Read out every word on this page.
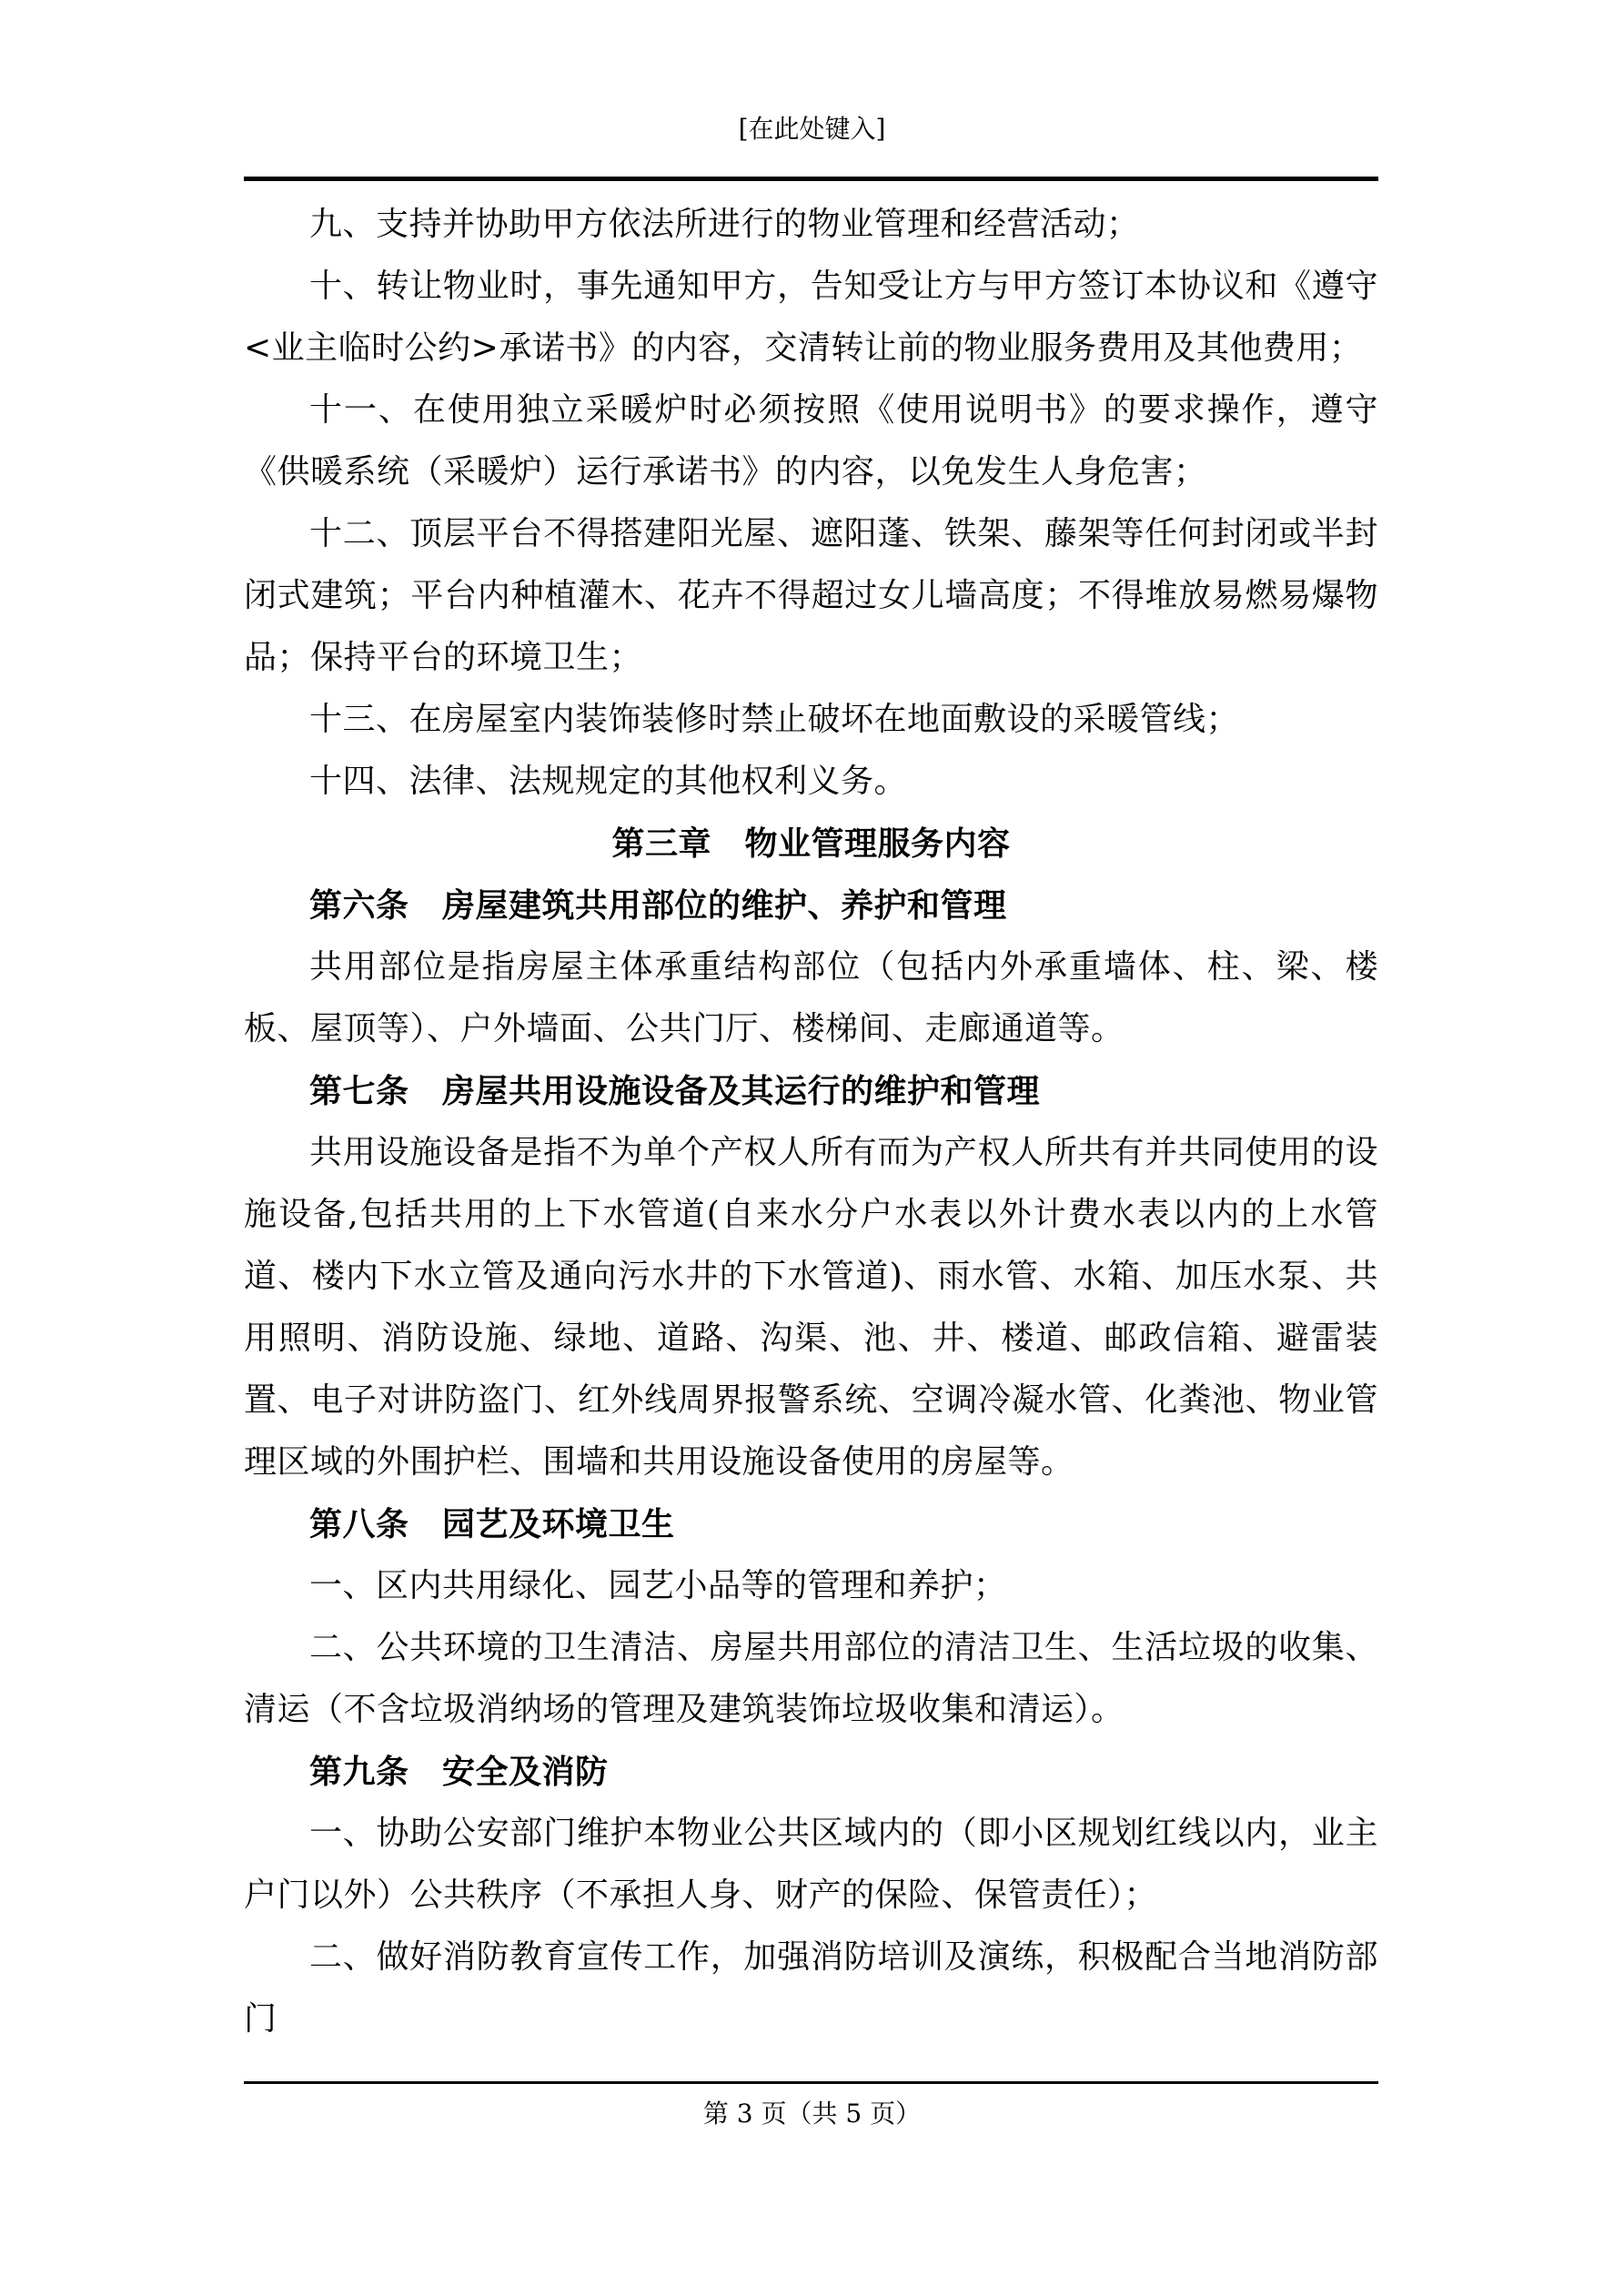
[在此处键入]

九、支持并协助甲方依法所进行的物业管理和经营活动；

十、转让物业时，事先通知甲方，告知受让方与甲方签订本协议和《遵守<业主临时公约>承诺书》的内容，交清转让前的物业服务费用及其他费用；

十一、在使用独立采暖炉时必须按照《使用说明书》的要求操作，遵守《供暖系统（采暖炉）运行承诺书》的内容，以免发生人身危害；

十二、顶层平台不得搭建阳光屋、遮阳蓬、铁架、藤架等任何封闭或半封闭式建筑；平台内种植灌木、花卉不得超过女儿墙高度；不得堆放易燃易爆物品；保持平台的环境卫生；

十三、在房屋室内装饰装修时禁止破坏在地面敷设的采暖管线；

十四、法律、法规规定的其他权利义务。

第三章　物业管理服务内容

第六条　房屋建筑共用部位的维护、养护和管理

共用部位是指房屋主体承重结构部位（包括内外承重墙体、柱、梁、楼板、屋顶等）、户外墙面、公共门厅、楼梯间、走廊通道等。

第七条　房屋共用设施设备及其运行的维护和管理

共用设施设备是指不为单个产权人所有而为产权人所共有并共同使用的设施设备,包括共用的上下水管道(自来水分户水表以外计费水表以内的上水管道、楼内下水立管及通向污水井的下水管道)、雨水管、水箱、加压水泵、共用照明、消防设施、绿地、道路、沟渠、池、井、楼道、邮政信箱、避雷装置、电子对讲防盗门、红外线周界报警系统、空调冷凝水管、化粪池、物业管理区域的外围护栏、围墙和共用设施设备使用的房屋等。

第八条　园艺及环境卫生

一、区内共用绿化、园艺小品等的管理和养护；

二、公共环境的卫生清洁、房屋共用部位的清洁卫生、生活垃圾的收集、清运（不含垃圾消纳场的管理及建筑装饰垃圾收集和清运）。

第九条　安全及消防

一、协助公安部门维护本物业公共区域内的（即小区规划红线以内，业主户门以外）公共秩序（不承担人身、财产的保险、保管责任）；

二、做好消防教育宣传工作，加强消防培训及演练，积极配合当地消防部门

第 3 页（共 5 页）
